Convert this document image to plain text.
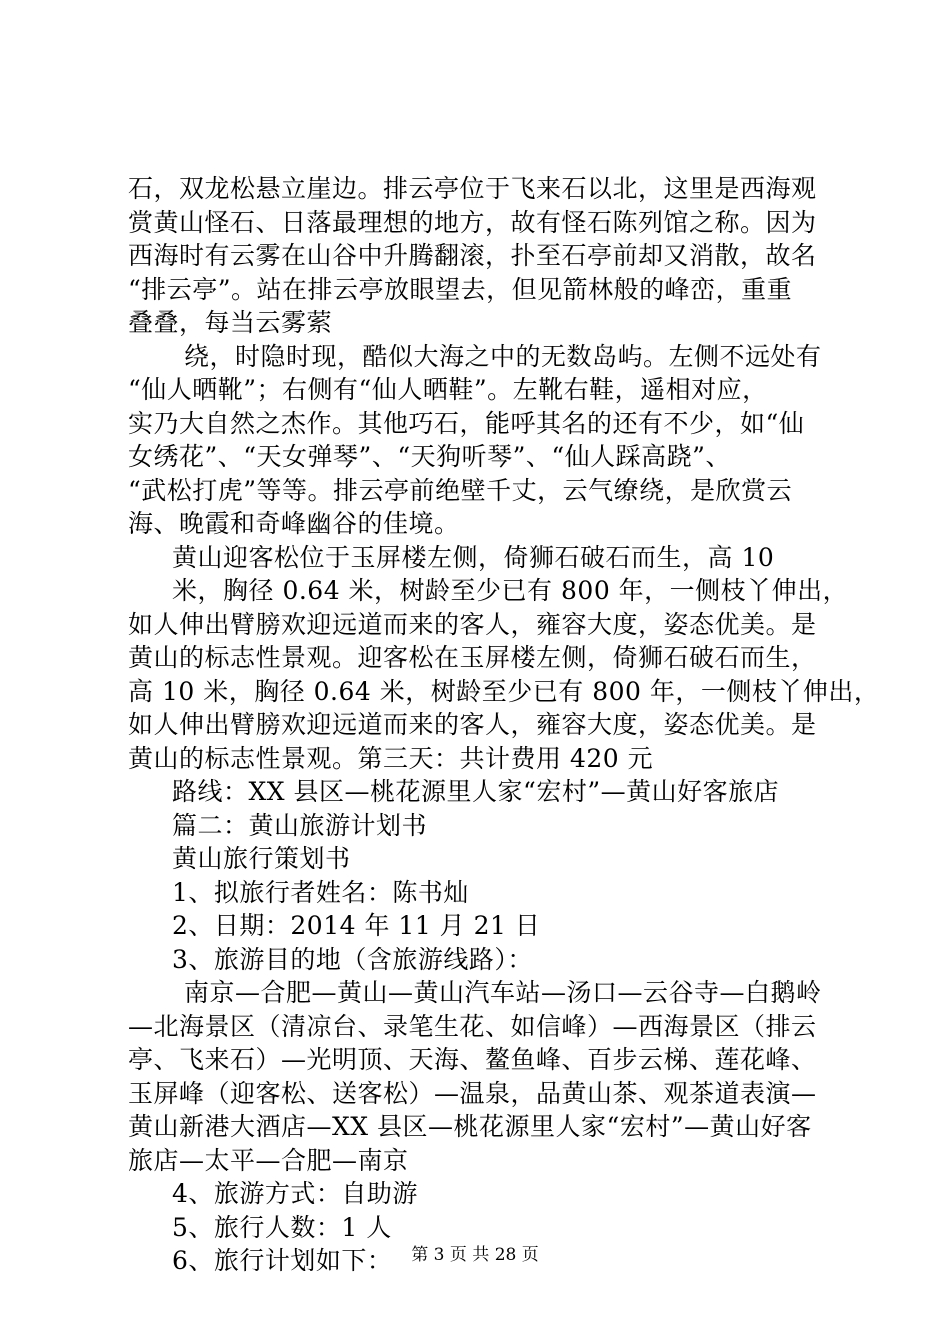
石，双龙松悬立崖边。排云亭位于飞来石以北，这里是西海观
赏黄山怪石、日落最理想的地方，故有怪石陈列馆之称。因为
西海时有云雾在山谷中升腾翻滚，扑至石亭前却又消散，故名
“排云亭”。站在排云亭放眼望去，但见箭林般的峰峦，重重
叠叠，每当云雾萦
绕，时隐时现，酷似大海之中的无数岛屿。左侧不远处有
“仙人晒靴”；右侧有“仙人晒鞋”。左靴右鞋，遥相对应，
实乃大自然之杰作。其他巧石，能呼其名的还有不少，如“仙
女绣花”、“天女弹琴”、“天狗听琴”、“仙人踩高跷”、
“武松打虎”等等。排云亭前绝壁千丈，云气缭绕，是欣赏云
海、晚霞和奇峰幽谷的佳境。
黄山迎客松位于玉屏楼左侧，倚狮石破石而生，高 10
米，胸径 0.64 米，树龄至少已有 800 年，一侧枝丫伸出，
如人伸出臂膀欢迎远道而来的客人，雍容大度，姿态优美。是
黄山的标志性景观。迎客松在玉屏楼左侧，倚狮石破石而生，
高 10 米，胸径 0.64 米，树龄至少已有 800 年，一侧枝丫伸出，
如人伸出臂膀欢迎远道而来的客人，雍容大度，姿态优美。是
黄山的标志性景观。第三天：共计费用 420 元
路线：XX 县区—桃花源里人家“宏村”—黄山好客旅店
篇二：黄山旅游计划书
黄山旅行策划书
1、拟旅行者姓名：陈书灿
2、日期：2014 年 11 月 21 日
3、旅游目的地（含旅游线路）：
南京—合肥—黄山—黄山汽车站—汤口—云谷寺—白鹅岭
—北海景区（清凉台、录笔生花、如信峰）—西海景区（排云
亭、飞来石）—光明顶、天海、鳌鱼峰、百步云梯、莲花峰、
玉屏峰（迎客松、送客松）—温泉，品黄山茶、观茶道表演—
黄山新港大酒店—XX 县区—桃花源里人家“宏村”—黄山好客
旅店—太平—合肥—南京
4、旅游方式：自助游
5、旅行人数：1 人
6、旅行计划如下：	第 3 页 共 28 页
